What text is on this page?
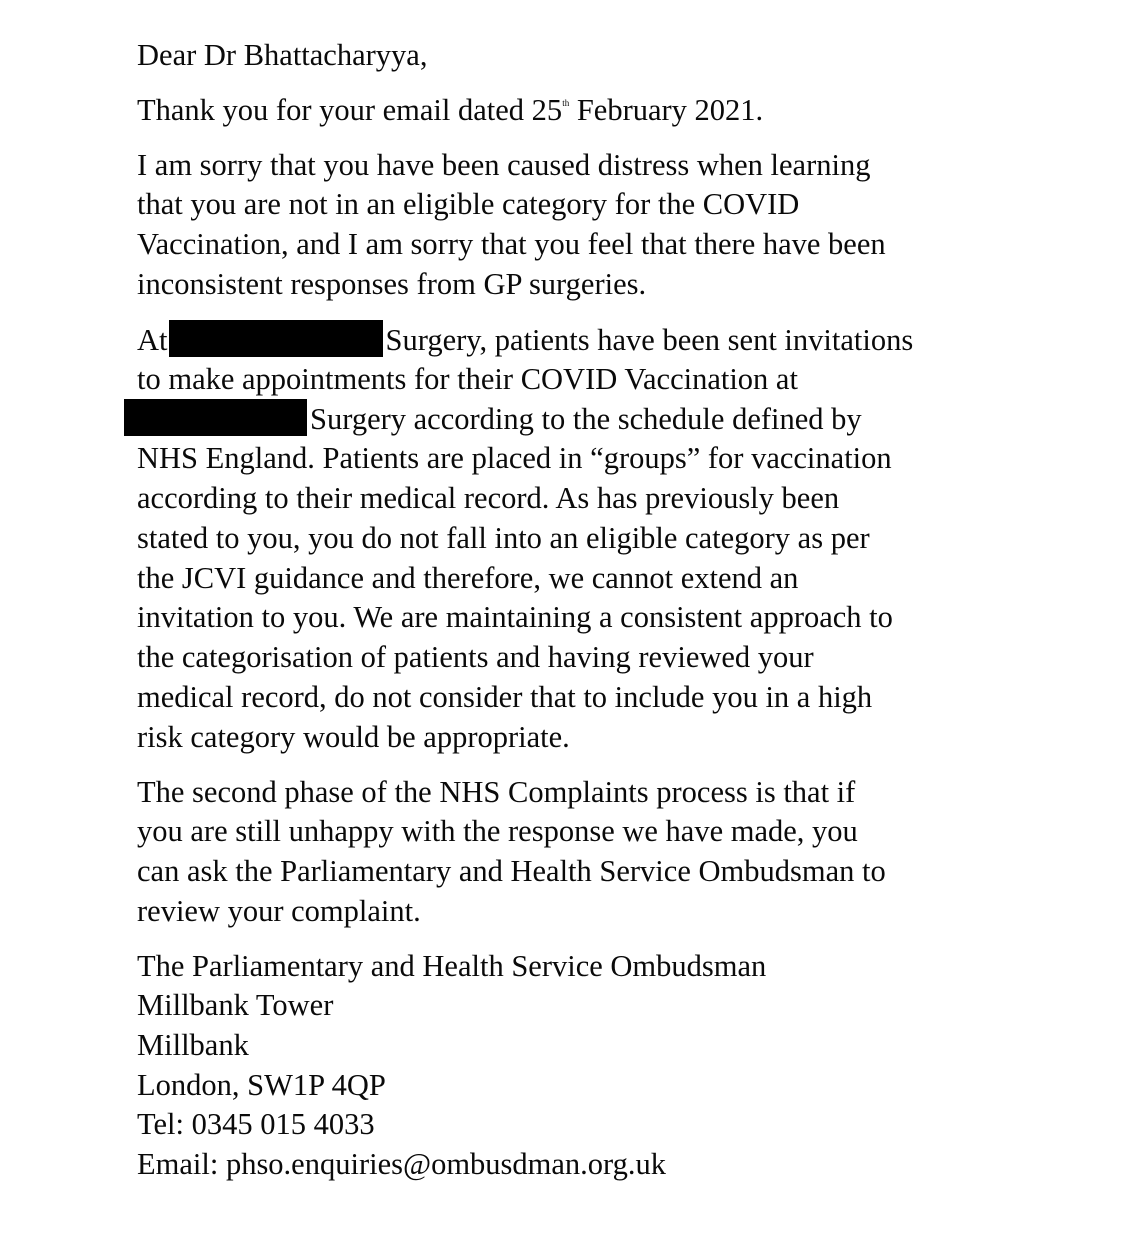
Dear Dr Bhattacharyya,
Thank you for your email dated 25th February 2021.
I am sorry that you have been caused distress when learning
that you are not in an eligible category for the COVID
Vaccination, and I am sorry that you feel that there have been
inconsistent responses from GP surgeries.
At	Surgery, patients have been sent invitations
to make appointments for their COVID Vaccination at
Surgery according to the schedule defined by
NHS England. Patients are placed in “groups” for vaccination
according to their medical record. As has previously been
stated to you, you do not fall into an eligible category as per
the JCVI guidance and therefore, we cannot extend an
invitation to you. We are maintaining a consistent approach to
the categorisation of patients and having reviewed your
medical record, do not consider that to include you in a high
risk category would be appropriate.
The second phase of the NHS Complaints process is that if
you are still unhappy with the response we have made, you
can ask the Parliamentary and Health Service Ombudsman to
review your complaint.
The Parliamentary and Health Service Ombudsman
Millbank Tower
Millbank
London, SW1P 4QP
Tel: 0345 015 4033
Email: phso.enquiries@ombusdman.org.uk
